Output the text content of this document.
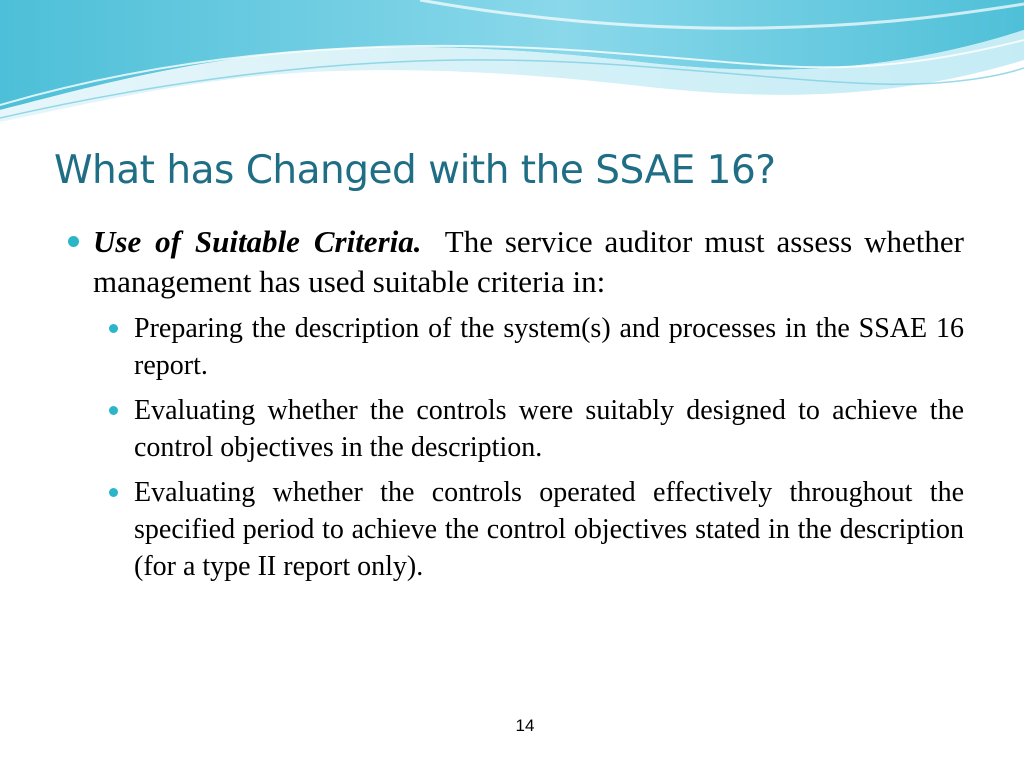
What has Changed with the SSAE 16?
Use of Suitable Criteria. The service auditor must assess whether management has used suitable criteria in:
Preparing the description of the system(s) and processes in the SSAE 16 report.
Evaluating whether the controls were suitably designed to achieve the control objectives in the description.
Evaluating whether the controls operated effectively throughout the specified period to achieve the control objectives stated in the description (for a type II report only).
14
